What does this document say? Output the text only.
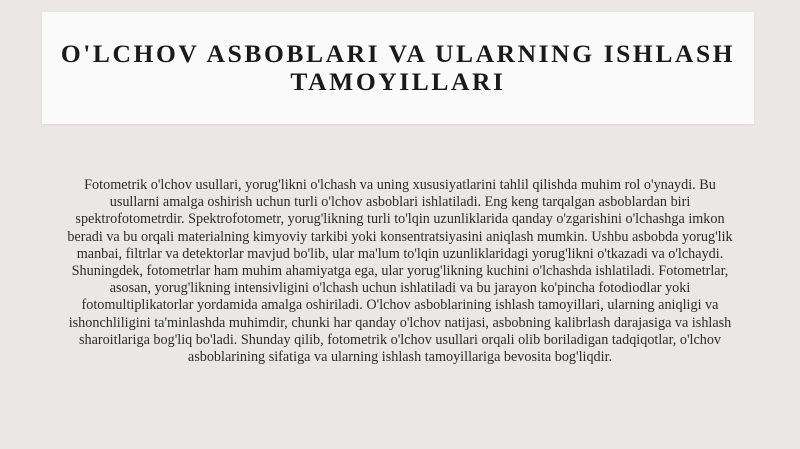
O'LCHOV ASBOBLARI VA ULARNING ISHLASH TAMOYILLARI

Fotometrik o'lchov usullari, yorug'likni o'lchash va uning xususiyatlarini tahlil qilishda muhim rol o'ynaydi. Bu usullarni amalga oshirish uchun turli o'lchov asboblari ishlatiladi. Eng keng tarqalgan asboblardan biri spektrofotometrdir. Spektrofotometr, yorug'likning turli to'lqin uzunliklarida qanday o'zgarishini o'lchashga imkon beradi va bu orqali materialning kimyoviy tarkibi yoki konsentratsiyasini aniqlash mumkin. Ushbu asbobda yorug'lik manbai, filtrlar va detektorlar mavjud bo'lib, ular ma'lum to'lqin uzunliklaridagi yorug'likni o'tkazadi va o'lchaydi. Shuningdek, fotometrlar ham muhim ahamiyatga ega, ular yorug'likning kuchini o'lchashda ishlatiladi. Fotometrlar, asosan, yorug'likning intensivligini o'lchash uchun ishlatiladi va bu jarayon ko'pincha fotodiodlar yoki fotomultiplikatorlar yordamida amalga oshiriladi. O'lchov asboblarining ishlash tamoyillari, ularning aniqligi va ishonchliligini ta'minlashda muhimdir, chunki har qanday o'lchov natijasi, asbobning kalibrlash darajasiga va ishlash sharoitlariga bog'liq bo'ladi. Shunday qilib, fotometrik o'lchov usullari orqali olib boriladigan tadqiqotlar, o'lchov asboblarining sifatiga va ularning ishlash tamoyillariga bevosita bog'liqdir.
